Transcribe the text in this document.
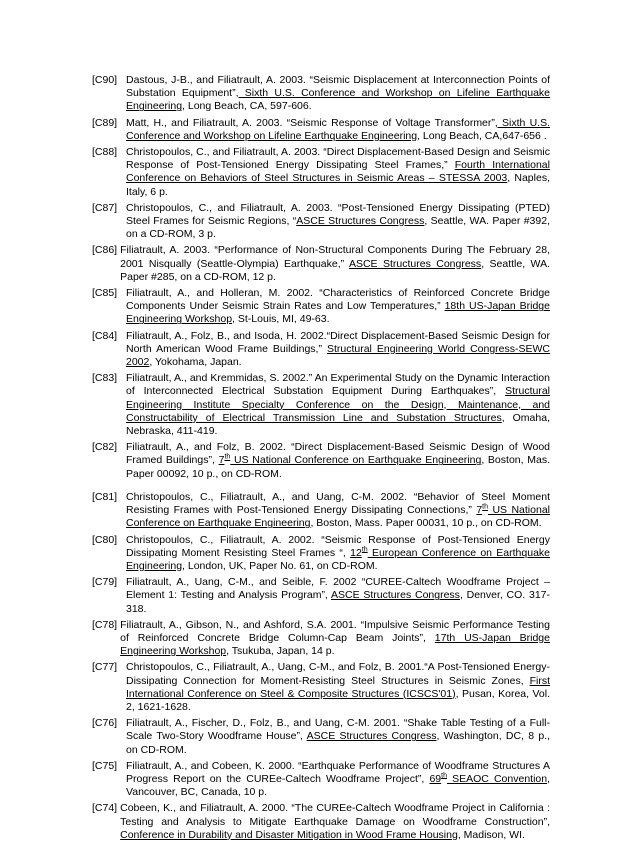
[C90] Dastous, J-B., and Filiatrault, A. 2003. “Seismic Displacement at Interconnection Points of Substation Equipment”, Sixth U.S. Conference and Workshop on Lifeline Earthquake Engineering, Long Beach, CA, 597-606.
[C89] Matt, H., and Filiatrault, A. 2003. “Seismic Response of Voltage Transformer”, Sixth U.S. Conference and Workshop on Lifeline Earthquake Engineering, Long Beach, CA,647-656 .
[C88] Christopoulos, C., and Filiatrault, A. 2003. “Direct Displacement-Based Design and Seismic Response of Post-Tensioned Energy Dissipating Steel Frames,” Fourth International Conference on Behaviors of Steel Structures in Seismic Areas – STESSA 2003, Naples, Italy, 6 p.
[C87] Christopoulos, C., and Filiatrault, A. 2003. “Post-Tensioned Energy Dissipating (PTED) Steel Frames for Seismic Regions, “ASCE Structures Congress, Seattle, WA. Paper #392, on a CD-ROM, 3 p.
[C86] Filiatrault, A. 2003. “Performance of Non-Structural Components During The February 28, 2001 Nisqually (Seattle-Olympia) Earthquake,” ASCE Structures Congress, Seattle, WA. Paper #285, on a CD-ROM, 12 p.
[C85] Filiatrault, A., and Holleran, M. 2002. “Characteristics of Reinforced Concrete Bridge Components Under Seismic Strain Rates and Low Temperatures,” 18th US-Japan Bridge Engineering Workshop, St-Louis, MI, 49-63.
[C84] Filiatrault, A., Folz, B., and Isoda, H. 2002.“Direct Displacement-Based Seismic Design for North American Wood Frame Buildings,” Structural Engineering World Congress-SEWC 2002, Yokohama, Japan.
[C83] Filiatrault, A., and Kremmidas, S. 2002.” An Experimental Study on the Dynamic Interaction of Interconnected Electrical Substation Equipment During Earthquakes”, Structural Engineering Institute Specialty Conference on the Design, Maintenance, and Constructability of Electrical Transmission Line and Substation Structures, Omaha, Nebraska, 411-419.
[C82] Filiatrault, A., and Folz, B. 2002. “Direct Displacement-Based Seismic Design of Wood Framed Buildings”, 7th US National Conference on Earthquake Engineering, Boston, Mas. Paper 00092, 10 p., on CD-ROM.
[C81] Christopoulos, C., Filiatrault, A., and Uang, C-M. 2002. “Behavior of Steel Moment Resisting Frames with Post-Tensioned Energy Dissipating Connections,” 7th US National Conference on Earthquake Engineering, Boston, Mass. Paper 00031, 10 p., on CD-ROM.
[C80] Christopoulos, C., Filiatrault, A. 2002. “Seismic Response of Post-Tensioned Energy Dissipating Moment Resisting Steel Frames “, 12th European Conference on Earthquake Engineering, London, UK, Paper No. 61, on CD-ROM.
[C79] Filiatrault, A., Uang, C-M., and Seible, F. 2002 “CUREE-Caltech Woodframe Project – Element 1: Testing and Analysis Program”, ASCE Structures Congress, Denver, CO. 317-318.
[C78] Filiatrault, A., Gibson, N., and Ashford, S.A. 2001. “Impulsive Seismic Performance Testing of Reinforced Concrete Bridge Column-Cap Beam Joints”, 17th US-Japan Bridge Engineering Workshop, Tsukuba, Japan, 14 p.
[C77] Christopoulos, C., Filiatrault, A., Uang, C-M., and Folz, B. 2001.“A Post-Tensioned Energy-Dissipating Connection for Moment-Resisting Steel Structures in Seismic Zones, First International Conference on Steel & Composite Structures (ICSCS'01), Pusan, Korea, Vol. 2, 1621-1628.
[C76] Filiatrault, A., Fischer, D., Folz, B., and Uang, C-M. 2001. “Shake Table Testing of a Full-Scale Two-Story Woodframe House”, ASCE Structures Congress, Washington, DC, 8 p., on CD-ROM.
[C75] Filiatrault, A., and Cobeen, K. 2000. “Earthquake Performance of Woodframe Structures A Progress Report on the CUREe-Caltech Woodframe Project”, 69th SEAOC Convention, Vancouver, BC, Canada, 10 p.
[C74] Cobeen, K., and Filiatrault, A. 2000. “The CUREe-Caltech Woodframe Project in California : Testing and Analysis to Mitigate Earthquake Damage on Woodframe Construction”, Conference in Durability and Disaster Mitigation in Wood Frame Housing, Madison, WI.
